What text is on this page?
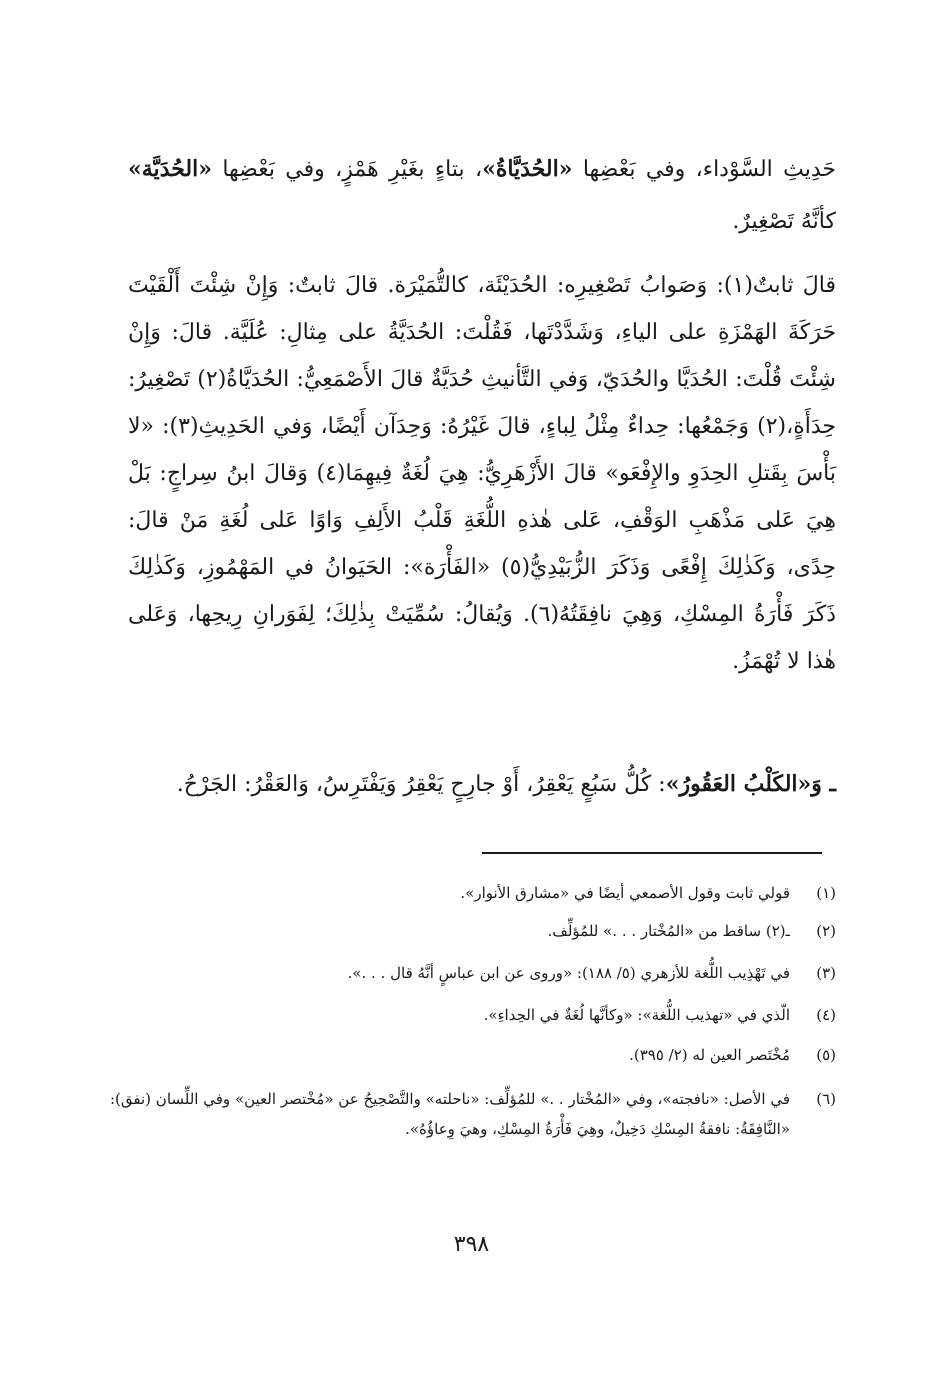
حَدِيثِ السَّوْداء، وفي بَعْضِها «الحُدَيَّاةُ»، بتاءٍ بغَيْرِ هَمْزٍ، وفي بَعْضِها «الحُدَيَّة» كأنَّهُ تَصْغِيرٌ.

قالَ ثابتٌ(١): وَصَوابُ تَصْغِيرِه: الحُدَيْئَة، كالتُّمَيْرَة. قالَ ثابتٌ: وَإِنْ شِئْتَ أَلْقَيْتَ حَرَكَةَ الهَمْزَةِ على الياءِ، وَشَدَّدْتَها، فَقُلْتَ: الحُدَيَّةُ على مِثالِ: عُلَيَّة. قالَ: وَإِنْ شِئْتَ قُلْتَ: الحُدَيَّا والحُدَيّ، وَفي التَّأنيثِ حُدَيَّةٌ قالَ الأَصْمَعِيُّ: الحُدَيَّاةُ(٢) تَصْغِيرُ: حِدَأَةٍ،(٢) وَجَمْعُها: حِداءٌ مِثْلُ لِباءٍ، قالَ غَيْرُهُ: وَحِدَآن أَيْضًا، وَفي الحَدِيثِ(٣): «لا بَأْسَ بِقَتلِ الحِدَوِ والإِفْعَو» قالَ الأَزْهَرِيُّ: هِيَ لُغَةٌ فِيهِمَا(٤) وَقالَ ابنُ سِراجٍ: بَلْ هِيَ عَلى مَذْهَبِ الوَقْفِ، عَلى هٰذهِ اللُّغَةِ قَلْبُ الأَلِفِ وَاوًا عَلى لُغَةِ مَنْ قالَ: حِدًى، وَكَذٰلِكَ إِفْعًى وَذَكَرَ الزُّبَيْدِيُّ(٥) «الفَأْرَة»: الحَيَوانُ في المَهْمُوزِ، وَكَذٰلِكَ ذَكَرَ فَأْرَةُ المِسْكِ، وَهِيَ نافِقَتُهُ(٦). وَيُقالُ: سُمِّيَتْ بِذٰلِكَ؛ لِفَوَرانِ رِيحِها، وَعَلى هٰذا لا تُهْمَزُ.

ـ وَ«الكَلْبُ العَقُورُ»: كُلُّ سَبُعٍ يَعْقِرُ، أَوْ جارِحٍ يَعْقِرُ وَيَفْتَرِسُ، وَالعَقْرُ: الجَرْحُ.

(١)
قولي ثابت وقول الأصمعي أيضًا في «مشارق الأنوار».
(٢)
ـ(٢) ساقط من «المُخْتار . . .» للمُؤلِّف.
(٣)
في تَهْذِيب اللُّغة للأزهري (٥/ ١٨٨): «وروى عن ابن عباسٍ أنَّهُ قال . . .».
(٤)
الّذي في «تهذيب اللُّغة»: «وكأنَّها لُغَةٌ في الحِداءِ».
(٥)
مُخْتَصر العين له (٢/ ٣٩٥).
(٦)
في الأصل: «نافجته»، وفي «المُخْتار . .» للمُؤلِّف: «ناحلته» والتَّصْحِيحُ عن «مُخْتصر العين» وفي اللِّسان (نفق): «النَّافِقَةُ: نافقةُ المِسْكِ دَخِيلٌ، وهِيَ فَأْرَةُ المِسْكِ، وهيَ وِعاؤُهُ».
٣٩٨
